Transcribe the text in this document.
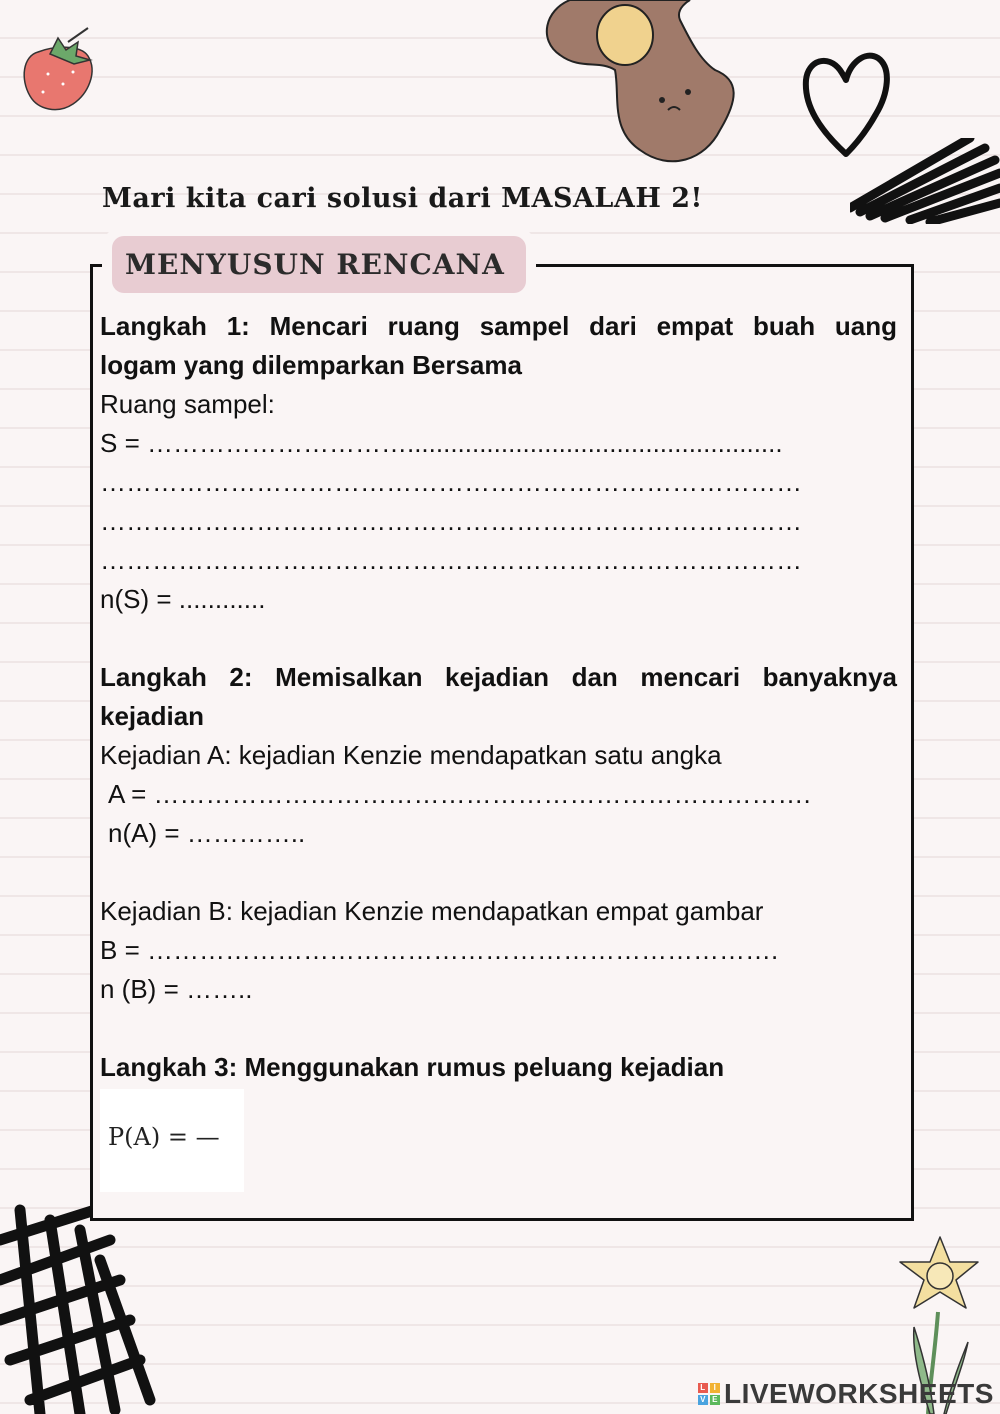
Mari kita cari solusi dari MASALAH 2!
MENYUSUN RENCANA
Langkah 1: Mencari ruang sampel dari empat buah uang
logam yang dilemparkan Bersama
Ruang sampel:
S = …………………………....................................................
………………………………………………………………………
………………………………………………………………………
………………………………………………………………………
n(S) = ............
Langkah 2: Memisalkan kejadian dan mencari banyaknya
kejadian
Kejadian A: kejadian Kenzie mendapatkan satu angka
A = ………………………………………………………………….
n(A) = …………..
Kejadian B: kejadian Kenzie mendapatkan empat gambar
B = ……………………………………………………………….
n (B) = ……..
Langkah 3: Menggunakan rumus peluang kejadian
P(A) = —
L I
V E LIVEWORKSHEETS
